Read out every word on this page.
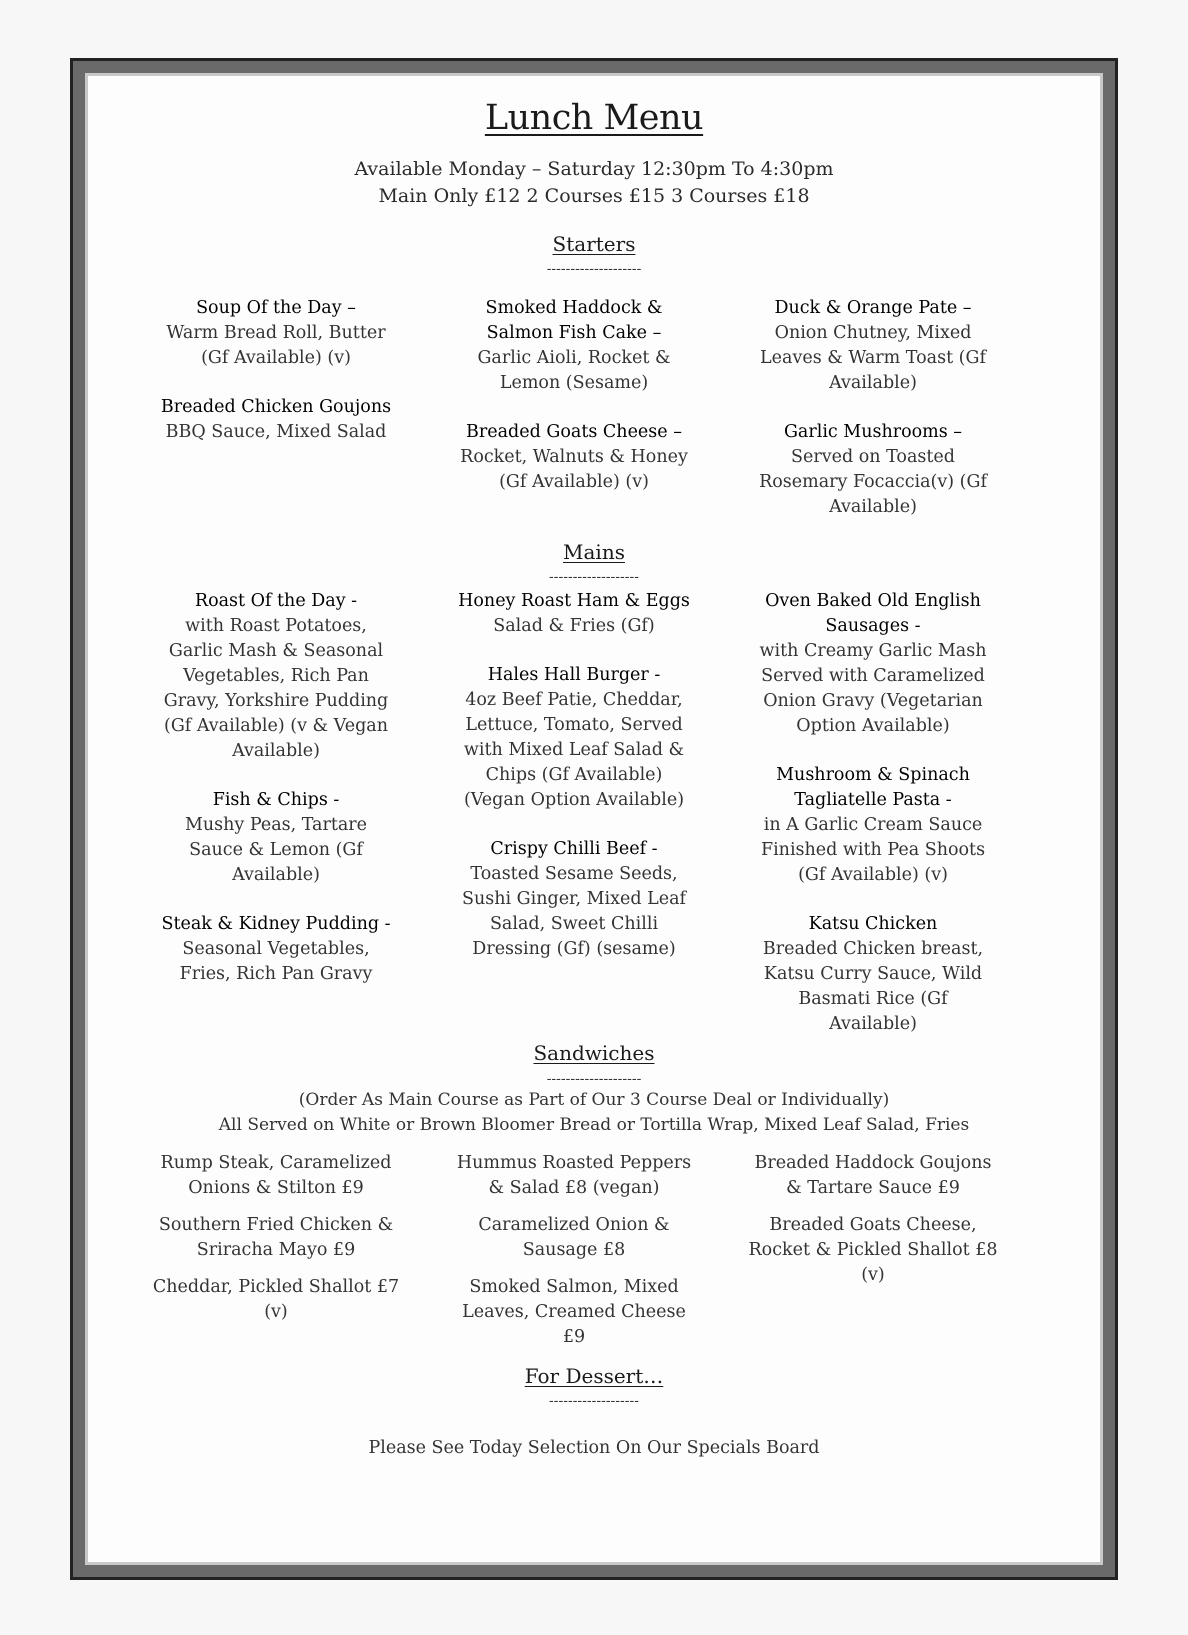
Lunch Menu
Available Monday – Saturday 12:30pm To 4:30pm
Main Only £12 2 Courses £15 3 Courses £18
Starters
--------------------
Soup Of the Day –
Warm Bread Roll, Butter (Gf Available) (v)
Breaded Chicken Goujons
BBQ Sauce, Mixed Salad
Smoked Haddock & Salmon Fish Cake –
Garlic Aioli, Rocket & Lemon (Sesame)
Breaded Goats Cheese –
Rocket, Walnuts & Honey (Gf Available) (v)
Duck & Orange Pate –
Onion Chutney, Mixed Leaves & Warm Toast (Gf Available)
Garlic Mushrooms –
Served on Toasted Rosemary Focaccia(v) (Gf Available)
Mains
-------------------
Roast Of the Day -
with Roast Potatoes, Garlic Mash & Seasonal Vegetables, Rich Pan Gravy, Yorkshire Pudding (Gf Available) (v & Vegan Available)
Fish & Chips -
Mushy Peas, Tartare Sauce & Lemon (Gf Available)
Steak & Kidney Pudding -
Seasonal Vegetables, Fries, Rich Pan Gravy
Honey Roast Ham & Eggs
Salad & Fries (Gf)
Hales Hall Burger -
4oz Beef Patie, Cheddar, Lettuce, Tomato, Served with Mixed Leaf Salad & Chips (Gf Available) (Vegan Option Available)
Crispy Chilli Beef -
Toasted Sesame Seeds, Sushi Ginger, Mixed Leaf Salad, Sweet Chilli Dressing (Gf) (sesame)
Oven Baked Old English Sausages -
with Creamy Garlic Mash Served with Caramelized Onion Gravy (Vegetarian Option Available)
Mushroom & Spinach Tagliatelle Pasta -
in A Garlic Cream Sauce Finished with Pea Shoots (Gf Available) (v)
Katsu Chicken
Breaded Chicken breast, Katsu Curry Sauce, Wild Basmati Rice (Gf Available)
Sandwiches
--------------------
(Order As Main Course as Part of Our 3 Course Deal or Individually)
All Served on White or Brown Bloomer Bread or Tortilla Wrap, Mixed Leaf Salad, Fries
Rump Steak, Caramelized Onions & Stilton £9
Southern Fried Chicken & Sriracha Mayo £9
Cheddar, Pickled Shallot £7 (v)
Hummus Roasted Peppers & Salad £8 (vegan)
Caramelized Onion & Sausage £8
Smoked Salmon, Mixed Leaves, Creamed Cheese £9
Breaded Haddock Goujons & Tartare Sauce £9
Breaded Goats Cheese, Rocket & Pickled Shallot £8 (v)
For Dessert…
-------------------
Please See Today Selection On Our Specials Board
